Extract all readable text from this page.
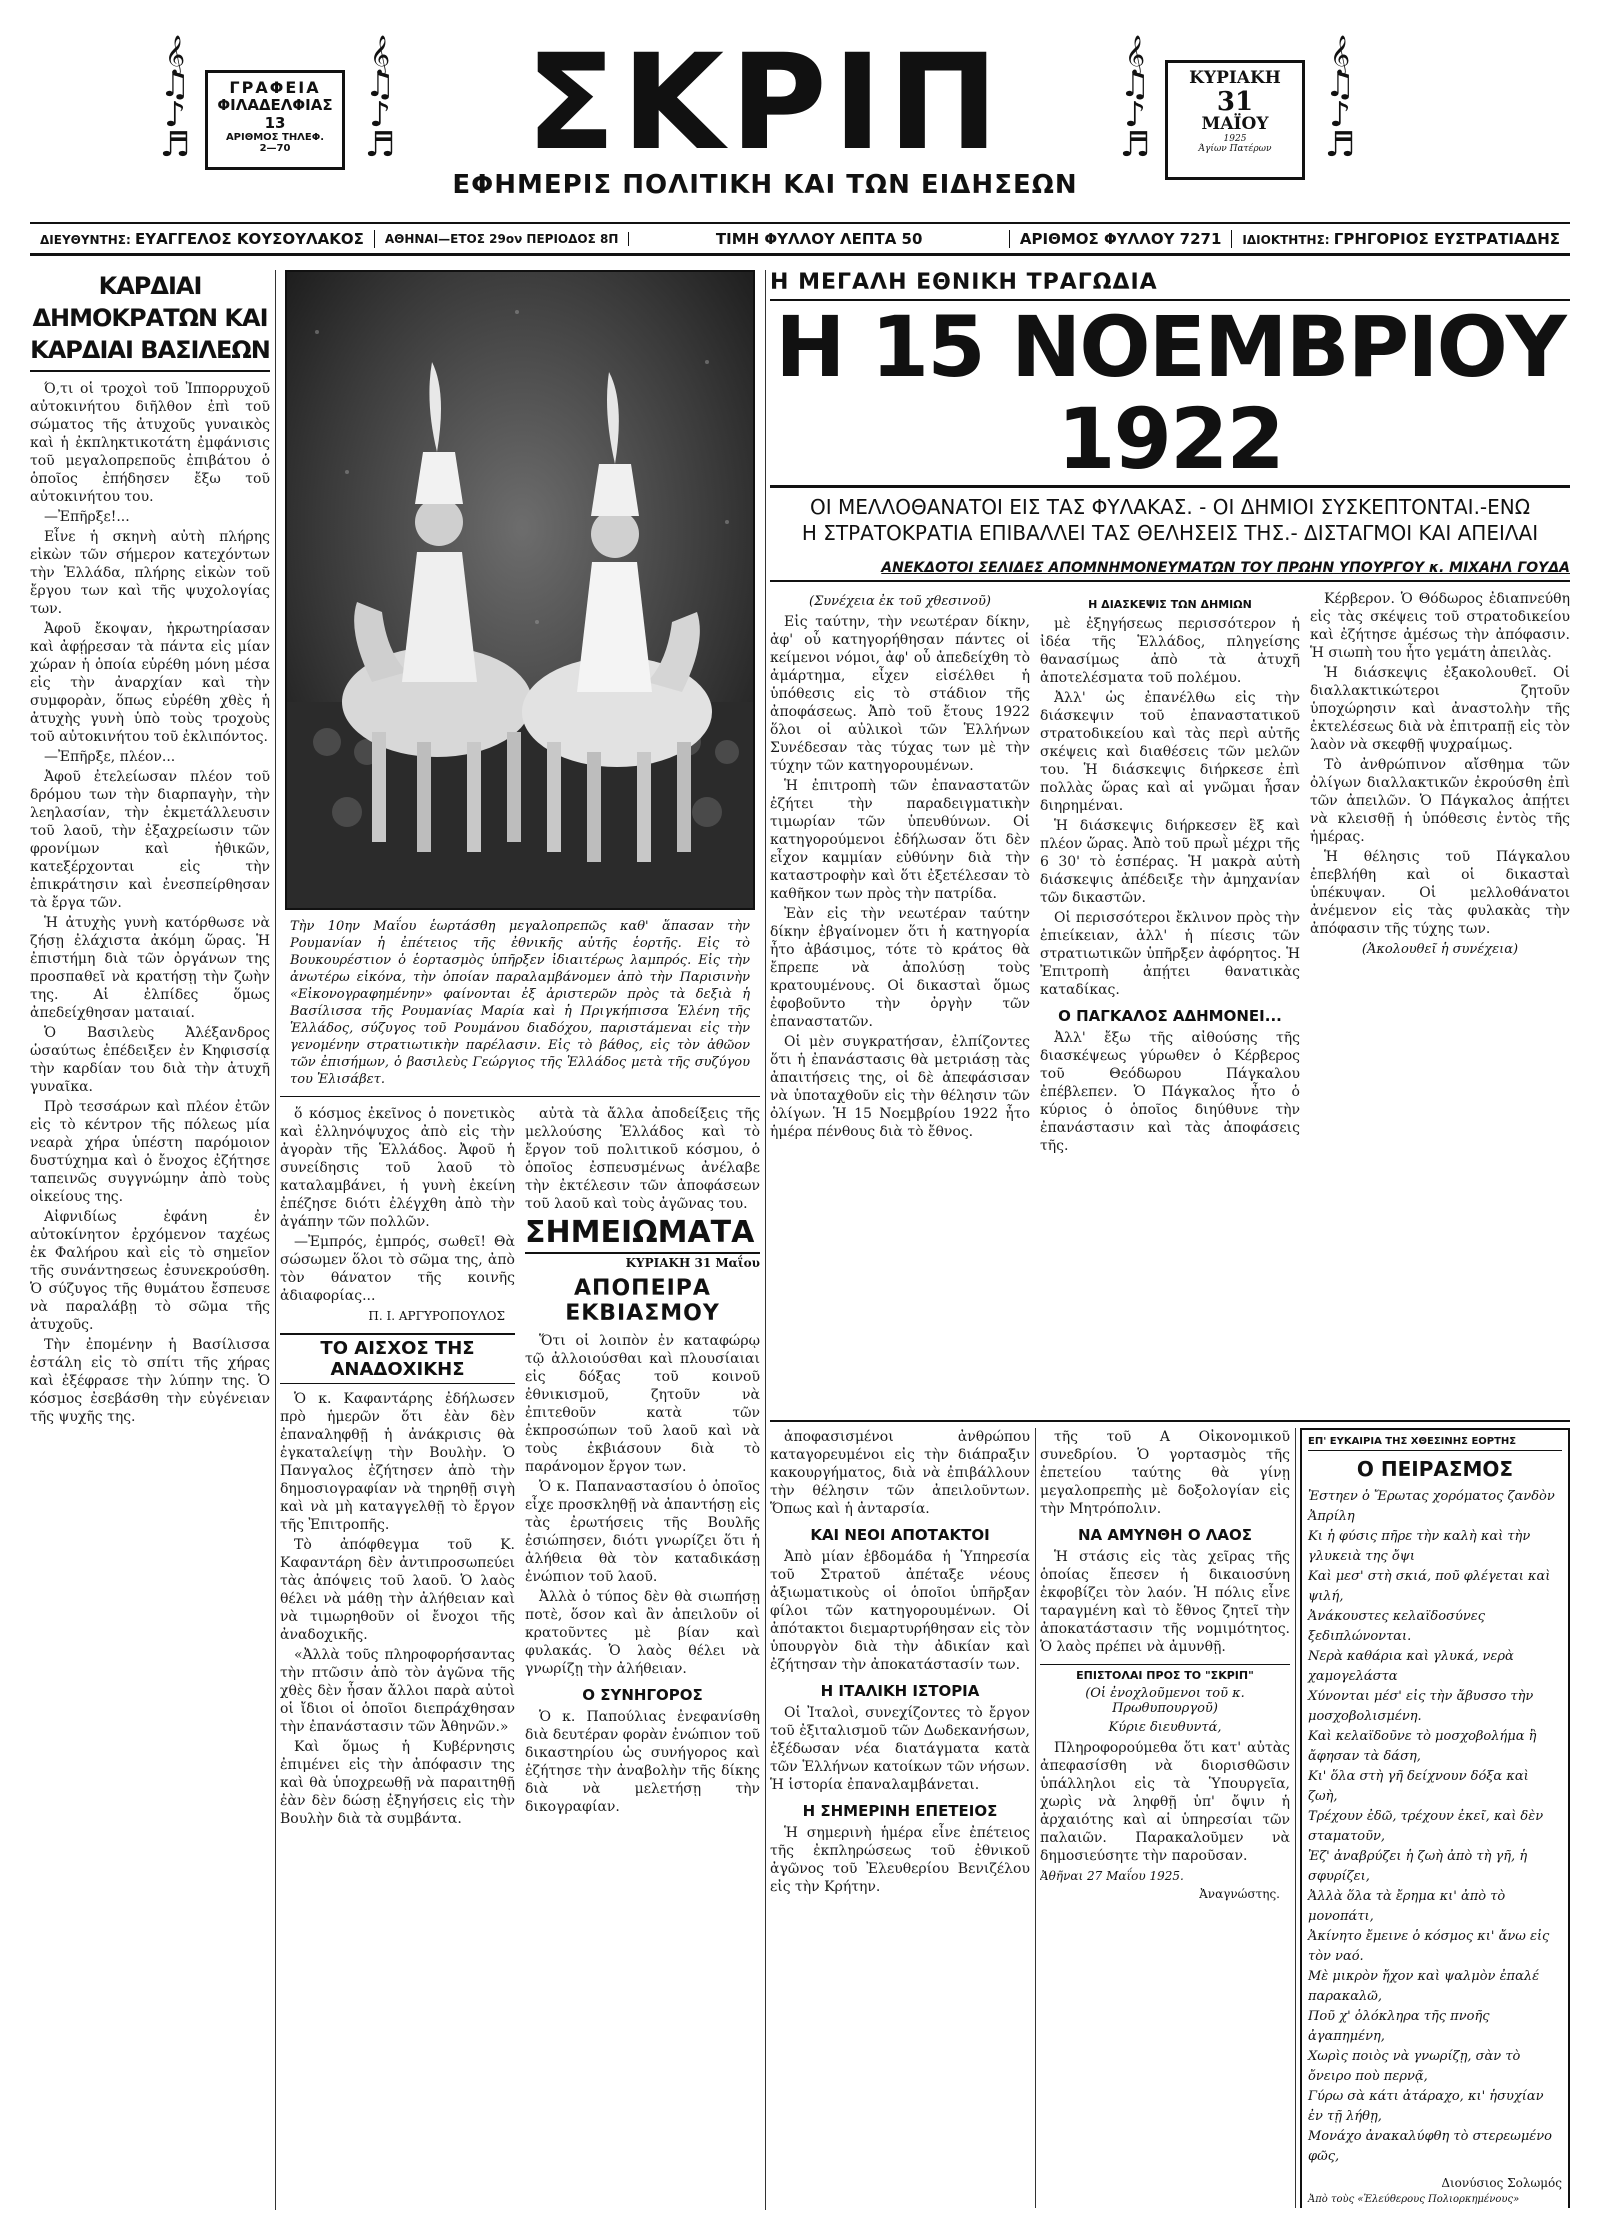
𝄞
♫
♪
♬
ΓΡΑΦΕΙΑ
ΦΙΛΑΔΕΛΦΙΑΣ 13
ΑΡΙΘΜΟΣ ΤΗΛΕΦ.
2—70
𝄞
♫
♪
♬ ΣΚΡΙΠ
ΕΦΗΜΕΡΙΣ ΠΟΛΙΤΙΚΗ ΚΑΙ ΤΩΝ ΕΙΔΗΣΕΩΝ
𝄞
♫
♪
♬
ΚΥΡΙΑΚΗ
31
ΜΑΪΟΥ
1925
Άγίων Πατέρων
𝄞
♫
♪
♬
ΔΙΕΥΘΥΝΤΗΣ: ΕΥΑΓΓΕΛΟΣ ΚΟΥΣΟΥΛΑΚΟΣ	ΑΘΗΝΑΙ—ΕΤΟΣ 29ον ΠΕΡΙΟΔΟΣ 8Π	ΤΙΜΗ ΦΥΛΛΟΥ ΛΕΠΤΑ 50	ΑΡΙΘΜΟΣ ΦΥΛΛΟΥ 7271	ΙΔΙΟΚΤΗΤΗΣ: ΓΡΗΓΟΡΙΟΣ ΕΥΣΤΡΑΤΙΑΔΗΣ
ΚΑΡΔΙΑΙ ΔΗΜΟΚΡΑΤΩΝ ΚΑΙ ΚΑΡΔΙΑΙ ΒΑΣΙΛΕΩΝ

Ό,τι οἱ τροχοὶ τοῦ Ἰππορρυχοῦ αὐτοκινήτου διῆλθον ἐπὶ τοῦ σώματος τῆς ἀτυχοῦς γυναικὸς καὶ ἡ ἐκπληκτικοτάτη ἐμφάνισις τοῦ μεγαλοπρεποῦς ἐπιβάτου ὁ ὁποῖος ἐπήδησεν ἔξω τοῦ αὐτοκινήτου του.

—Ἐπῆρξε!...

Εἶνε ἡ σκηνὴ αὐτὴ πλήρης εἰκὼν τῶν σήμερον κατεχόντων τὴν Ἑλλάδα, πλήρης εἰκὼν τοῦ ἔργου των καὶ τῆς ψυχολογίας των.

Ἀφοῦ ἔκοψαν, ἠκρωτηρίασαν καὶ ἀφῄρεσαν τὰ πάντα εἰς μίαν χώραν ἡ ὁποία εὑρέθη μόνη μέσα εἰς τὴν ἀναρχίαν καὶ τὴν συμφορὰν, ὅπως εὑρέθη χθὲς ἡ ἀτυχὴς γυνὴ ὑπὸ τοὺς τροχοὺς τοῦ αὐτοκινήτου τοῦ ἐκλιπόντος.

—Ἐπῆρξε, πλέον...

Ἀφοῦ ἐτελείωσαν πλέον τοῦ δρόμου των τὴν διαρπαγὴν, τὴν λεηλασίαν, τὴν ἐκμετάλλευσιν τοῦ λαοῦ, τὴν ἐξαχρείωσιν τῶν φρονίμων καὶ ἠθικῶν, κατεξέρχονται εἰς τὴν ἐπικράτησιν καὶ ἐνεσπείρθησαν τὰ ἔργα τῶν.

Ἡ ἀτυχὴς γυνὴ κατόρθωσε νὰ ζήσῃ ἐλάχιστα ἀκόμη ὥρας. Ἡ ἐπιστήμη διὰ τῶν ὀργάνων της προσπαθεῖ νὰ κρατήσῃ τὴν ζωὴν της. Αἱ ἐλπίδες ὅμως ἀπεδείχθησαν ματαιαί.

Ὁ Βασιλεὺς Ἀλέξανδρος ὡσαύτως ἐπέδειξεν ἐν Κηφισσίᾳ τὴν καρδίαν του διὰ τὴν ἀτυχῆ γυναῖκα.

Πρὸ τεσσάρων καὶ πλέον ἐτῶν εἰς τὸ κέντρον τῆς πόλεως μία νεαρὰ χήρα ὑπέστη παρόμοιον δυστύχημα καὶ ὁ ἔνοχος ἐζήτησε ταπεινῶς συγγνώμην ἀπὸ τοὺς οἰκείους της.

Αἰφνιδίως ἐφάνη ἐν αὐτοκίνητον ἐρχόμενον ταχέως ἐκ Φαλήρου καὶ εἰς τὸ σημεῖον τῆς συνάντησεως ἐσυνεκρούσθη. Ὁ σύζυγος τῆς θυμάτου ἔσπευσε νὰ παραλάβῃ τὸ σῶμα τῆς ἀτυχοῦς.

Τὴν ἐπομένην ἡ Βασίλισσα ἐστάλη εἰς τὸ σπίτι τῆς χήρας καὶ ἐξέφρασε τὴν λύπην της. Ὁ κόσμος ἐσεβάσθη τὴν εὐγένειαν τῆς ψυχῆς της.

Τὴν 10ην Μαΐου ἑωρτάσθη μεγαλοπρεπῶς καθ' ἅπασαν τὴν Ρουμανίαν ἡ ἐπέτειος τῆς ἐθνικῆς αὐτῆς ἑορτῆς. Εἰς τὸ Βουκουρέστιον ὁ ἑορτασμὸς ὑπῆρξεν ἰδιαιτέρως λαμπρός. Εἰς τὴν ἀνωτέρω εἰκόνα, τὴν ὁποίαν παραλαμβάνομεν ἀπὸ τὴν Παρισινὴν «Εἰκονογραφημένην» φαίνονται ἐξ ἀριστερῶν πρὸς τὰ δεξιὰ ἡ Βασίλισσα τῆς Ρουμανίας Μαρία καὶ ἡ Πριγκήπισσα Ἑλένη τῆς Ἑλλάδος, σύζυγος τοῦ Ρουμάνου διαδόχου, παριστάμεναι εἰς τὴν γενομένην στρατιωτικὴν παρέλασιν. Εἰς τὸ βάθος, εἰς τὸν ἀθῶον τῶν ἐπισήμων, ὁ βασιλεὺς Γεώργιος τῆς Ἑλλάδος μετὰ τῆς συζύγου του Ἐλισάβετ.

ὅ κόσμος ἐκεῖνος ὁ πονετικὸς καὶ ἐλληνόψυχος ἀπὸ εἰς τὴν ἀγορὰν τῆς Ἑλλάδος. Ἀφοῦ ἡ συνείδησις τοῦ λαοῦ τὸ καταλαμβάνει, ἡ γυνὴ ἐκείνη ἐπέζησε διότι ἐλέγχθη ἀπὸ τὴν ἀγάπην τῶν πολλῶν.

—Ἐμπρός, ἐμπρός, σωθεῖ! Θὰ σώσωμεν ὅλοι τὸ σῶμα της, ἀπὸ τὸν θάνατον τῆς κοινῆς ἀδιαφορίας...

Π. Ι. ΑΡΓΥΡΟΠΟΥΛΟΣ
ΤΟ ΑΙΣΧΟΣ ΤΗΣ ΑΝΑΔΟΧΙΚΗΣ

Ὁ κ. Καφαντάρης ἐδήλωσεν πρὸ ἡμερῶν ὅτι ἐὰν δὲν ἐπαναληφθῇ ἡ ἀνάκρισις θὰ ἐγκαταλείψῃ τὴν Βουλὴν. Ὁ Πανγαλος ἐζήτησεν ἀπὸ τὴν δημοσιογραφίαν νὰ τηρηθῇ σιγὴ καὶ νὰ μὴ καταγγελθῇ τὸ ἔργον τῆς Ἐπιτροπῆς.

Τὸ ἀπόφθεγμα τοῦ Κ. Καφαντάρη δὲν ἀντιπροσωπεύει τὰς ἀπόψεις τοῦ λαοῦ. Ὁ λαὸς θέλει νὰ μάθῃ τὴν ἀλήθειαν καὶ νὰ τιμωρηθοῦν οἱ ἔνοχοι τῆς ἀναδοχικῆς.

«Ἀλλὰ τοῦς πληροφορήσαντας τὴν πτῶσιν ἀπὸ τὸν ἀγῶνα τῆς χθὲς δὲν ἦσαν ἄλλοι παρὰ αὐτοὶ οἱ ἴδιοι οἱ ὁποῖοι διεπράχθησαν τὴν ἐπανάστασιν τῶν Ἀθηνῶν.»

Καὶ ὅμως ἡ Κυβέρνησις ἐπιμένει εἰς τὴν ἀπόφασιν της καὶ θὰ ὑποχρεωθῇ νὰ παραιτηθῇ ἐὰν δὲν δώσῃ ἐξηγήσεις εἰς τὴν Βουλὴν διὰ τὰ συμβάντα.

αὐτὰ τὰ ἄλλα ἀποδείξεις τῆς μελλούσης Ἑλλάδος καὶ τὸ ἔργον τοῦ πολιτικοῦ κόσμου, ὁ ὁποῖος ἐσπευσμένως ἀνέλαβε τὴν ἐκτέλεσιν τῶν ἀποφάσεων τοῦ λαοῦ καὶ τοὺς ἀγῶνας του.

ΣΗΜΕΙΩΜΑΤΑ
ΚΥΡΙΑΚΗ 31 Μαΐου
ΑΠΟΠΕΙΡΑ ΕΚΒΙΑΣΜΟΥ

Ὅτι οἱ λοιπὸν ἐν καταφώρῳ τῷ ἀλλοιούσθαι καὶ πλουσίαιαι εἰς δόξας τοῦ κοινοῦ ἐθνικισμοῦ, ζητοῦν νὰ ἐπιτεθοῦν κατὰ τῶν ἐκπροσώπων τοῦ λαοῦ καὶ νὰ τοὺς ἐκβιάσουν διὰ τὸ παράνομον ἔργον των.

Ὁ κ. Παπαναστασίου ὁ ὁποῖος εἶχε προσκληθῇ νὰ ἀπαντήσῃ εἰς τὰς ἐρωτήσεις τῆς Βουλῆς ἐσιώπησεν, διότι γνωρίζει ὅτι ἡ ἀλήθεια θὰ τὸν καταδικάσῃ ἐνώπιον τοῦ λαοῦ.

Ἀλλὰ ὁ τύπος δὲν θὰ σιωπήσῃ ποτὲ, ὅσον καὶ ἂν ἀπειλοῦν οἱ κρατοῦντες μὲ βίαν καὶ φυλακάς. Ὁ λαὸς θέλει νὰ γνωρίζῃ τὴν ἀλήθειαν.

Ο ΣΥΝΗΓΟΡΟΣ

Ὁ κ. Παπούλιας ἐνεφανίσθη διὰ δευτέραν φορὰν ἐνώπιον τοῦ δικαστηρίου ὡς συνήγορος καὶ ἐζήτησε τὴν ἀναβολὴν τῆς δίκης διὰ νὰ μελετήσῃ τὴν δικογραφίαν.

Η ΜΕΓΑΛΗ ΕΘΝΙΚΗ ΤΡΑΓΩΔΙΑ
Η 15 ΝΟΕΜΒΡΙΟΥ 1922
ΟΙ ΜΕΛΛΟΘΑΝΑΤΟΙ ΕΙΣ ΤΑΣ ΦΥΛΑΚΑΣ. - ΟΙ ΔΗΜΙΟΙ ΣΥΣΚΕΠΤΟΝΤΑΙ.-ΕΝΩ Η ΣΤΡΑΤΟΚΡΑΤΙΑ ΕΠΙΒΑΛΛΕΙ ΤΑΣ ΘΕΛΗΣΕΙΣ ΤΗΣ.- ΔΙΣΤΑΓΜΟΙ ΚΑΙ ΑΠΕΙΛΑΙ
ΑΝΕΚΔΟΤΟΙ ΣΕΛΙΔΕΣ ΑΠΟΜΝΗΜΟΝΕΥΜΑΤΩΝ ΤΟΥ ΠΡΩΗΝ ΥΠΟΥΡΓΟΥ κ. ΜΙΧΑΗΛ ΓΟΥΔΑ
(Συνέχεια ἐκ τοῦ χθεσινοῦ)

Εἰς ταύτην, τὴν νεωτέραν δίκην, ἀφ' οὗ κατηγορήθησαν πάντες οἱ κείμενοι νόμοι, ἀφ' οὗ ἀπεδείχθη τὸ ἀμάρτημα, εἶχεν εἰσέλθει ἡ ὑπόθεσις εἰς τὸ στάδιον τῆς ἀποφάσεως. Ἀπὸ τοῦ ἔτους 1922 ὅλοι οἱ αὐλικοὶ τῶν Ἑλλήνων Συνέδεσαν τὰς τύχας των μὲ τὴν τύχην τῶν κατηγορουμένων.

Ἡ ἐπιτροπὴ τῶν ἐπαναστατῶν ἐζήτει τὴν παραδειγματικὴν τιμωρίαν τῶν ὑπευθύνων. Οἱ κατηγορούμενοι ἐδήλωσαν ὅτι δὲν εἶχον καμμίαν εὐθύνην διὰ τὴν καταστροφὴν καὶ ὅτι ἐξετέλεσαν τὸ καθῆκον των πρὸς τὴν πατρίδα.

Ἐὰν εἰς τὴν νεωτέραν ταύτην δίκην ἐβγαίνομεν ὅτι ἡ κατηγορία ἦτο ἀβάσιμος, τότε τὸ κράτος θὰ ἔπρεπε νὰ ἀπολύσῃ τοὺς κρατουμένους. Οἱ δικασταὶ ὅμως ἐφοβοῦντο τὴν ὀργὴν τῶν ἐπαναστατῶν.

Οἱ μὲν συγκρατήσαν, ἐλπίζοντες ὅτι ἡ ἐπανάστασις θὰ μετριάσῃ τὰς ἀπαιτήσεις της, οἱ δὲ ἀπεφάσισαν νὰ ὑποταχθοῦν εἰς τὴν θέλησιν τῶν ὀλίγων. Ἡ 15 Νοεμβρίου 1922 ἦτο ἡμέρα πένθους διὰ τὸ ἔθνος.

Η ΔΙΑΣΚΕΨΙΣ ΤΩΝ ΔΗΜΙΩΝ

μὲ ἐξηγήσεως περισσότερον ἡ ἰδέα τῆς Ἑλλάδος, πληγείσης θανασίμως ἀπὸ τὰ ἀτυχῆ ἀποτελέσματα τοῦ πολέμου.

Ἀλλ' ὡς ἐπανέλθω εἰς τὴν διάσκεψιν τοῦ ἐπαναστατικοῦ στρατοδικείου καὶ τὰς περὶ αὐτῆς σκέψεις καὶ διαθέσεις τῶν μελῶν του. Ἡ διάσκεψις διήρκεσε ἐπὶ πολλὰς ὥρας καὶ αἱ γνῶμαι ἦσαν διηρημέναι.

Ἡ διάσκεψις διήρκεσεν ἓξ καὶ πλέον ὥρας. Ἀπὸ τοῦ πρωῒ μέχρι τῆς 6 30' τὸ ἑσπέρας. Ἡ μακρὰ αὐτὴ διάσκεψις ἀπέδειξε τὴν ἀμηχανίαν τῶν δικαστῶν.

Οἱ περισσότεροι ἔκλινον πρὸς τὴν ἐπιείκειαν, ἀλλ' ἡ πίεσις τῶν στρατιωτικῶν ὑπῆρξεν ἀφόρητος. Ἡ Ἐπιτροπὴ ἀπῄτει θανατικὰς καταδίκας.

Ο ΠΑΓΚΑΛΟΣ ΑΔΗΜΟΝΕΙ...

Ἀλλ' ἔξω τῆς αἰθούσης τῆς διασκέψεως γύρωθεν ὁ Κέρβερος τοῦ Θεόδωρου Πάγκαλου ἐπέβλεπεν. Ὁ Πάγκαλος ἦτο ὁ κύριος ὁ ὁποῖος διηύθυνε τὴν ἐπανάστασιν καὶ τὰς ἀποφάσεις τῆς.

Κέρβερον. Ὁ Θόδωρος ἐδιαπνεύθη εἰς τὰς σκέψεις τοῦ στρατοδικείου καὶ ἐζήτησε ἀμέσως τὴν ἀπόφασιν. Ἡ σιωπὴ του ἦτο γεμάτη ἀπειλὰς.

Ἡ διάσκεψις ἐξακολουθεῖ. Οἱ διαλλακτικώτεροι ζητοῦν ὑποχώρησιν καὶ ἀναστολὴν τῆς ἐκτελέσεως διὰ νὰ ἐπιτραπῇ εἰς τὸν λαὸν νὰ σκεφθῇ ψυχραίμως.

Τὸ ἀνθρώπινον αἴσθημα τῶν ὀλίγων διαλλακτικῶν ἐκρούσθη ἐπὶ τῶν ἀπειλῶν. Ὁ Πάγκαλος ἀπῄτει νὰ κλεισθῇ ἡ ὑπόθεσις ἐντὸς τῆς ἡμέρας.

Ἡ θέλησις τοῦ Πάγκαλου ἐπεβλήθη καὶ οἱ δικασταὶ ὑπέκυψαν. Οἱ μελλοθάνατοι ἀνέμενον εἰς τὰς φυλακὰς τὴν ἀπόφασιν τῆς τύχης των.

(Ἀκολουθεῖ ἡ συνέχεια)

ἀποφασισμένοι ἀνθρώπου καταγορευμένοι εἰς τὴν διάπραξιν κακουργήματος, διὰ νὰ ἐπιβάλλουν τὴν θέλησιν τῶν ἀπειλοῦντων. Ὅπως καὶ ἡ ἀνταρσία.

ΚΑΙ ΝΕΟΙ ΑΠΟΤΑΚΤΟΙ

Ἀπὸ μίαν ἑβδομάδα ἡ Ὑπηρεσία τοῦ Στρατοῦ ἀπέταξε νέους ἀξιωματικοὺς οἱ ὁποῖοι ὑπῆρξαν φίλοι τῶν κατηγορουμένων. Οἱ ἀπότακτοι διεμαρτυρήθησαν εἰς τὸν ὑπουργὸν διὰ τὴν ἀδικίαν καὶ ἐζήτησαν τὴν ἀποκατάστασίν των.

Η ΙΤΑΛΙΚΗ ΙΣΤΟΡΙΑ

Οἱ Ἰταλοὶ, συνεχίζοντες τὸ ἔργον τοῦ ἐξιταλισμοῦ τῶν Δωδεκανήσων, ἐξέδωσαν νέα διατάγματα κατὰ τῶν Ἑλλήνων κατοίκων τῶν νήσων. Ἡ ἱστορία ἐπαναλαμβάνεται.

Η ΣΗΜΕΡΙΝΗ ΕΠΕΤΕΙΟΣ

Ἡ σημερινὴ ἡμέρα εἶνε ἐπέτειος τῆς ἐκπληρώσεως τοῦ ἐθνικοῦ ἀγῶνος τοῦ Ἐλευθερίου Βενιζέλου εἰς τὴν Κρήτην.

τῆς τοῦ Α Οἰκονομικοῦ συνεδρίου. Ὁ γορτασμὸς τῆς ἐπετείου ταύτης θὰ γίνῃ μεγαλοπρεπὴς μὲ δοξολογίαν εἰς τὴν Μητρόπολιν.

ΝΑ ΑΜΥΝΘΗ Ο ΛΑΟΣ

Ἡ στάσις εἰς τὰς χεῖρας τῆς ὁποίας ἔπεσεν ἡ δικαιοσύνη ἐκφοβίζει τὸν λαόν. Ἡ πόλις εἶνε ταραγμένη καὶ τὸ ἔθνος ζητεῖ τὴν ἀποκατάστασιν τῆς νομιμότητος. Ὁ λαὸς πρέπει νὰ ἀμυνθῇ.

ΕΠΙΣΤΟΛΑΙ ΠΡΟΣ ΤΟ "ΣΚΡΙΠ"
(Οἱ ἐνοχλοῦμενοι τοῦ κ. Πρωθυπουργοῦ)
Κύριε διευθυντά,

Πληροφορούμεθα ὅτι κατ' αὐτὰς ἀπεφασίσθη νὰ διορισθῶσιν ὑπάλληλοι εἰς τὰ Ὑπουργεῖα, χωρὶς νὰ ληφθῇ ὑπ' ὄψιν ἡ ἀρχαιότης καὶ αἱ ὑπηρεσίαι τῶν παλαιῶν. Παρακαλοῦμεν νὰ δημοσιεύσητε τὴν παροῦσαν.

Ἀθῆναι 27 Μαΐου 1925.
Ἀναγνώστης.
ΕΠ' ΕΥΚΑΙΡΙΑ ΤΗΣ ΧΘΕΣΙΝΗΣ ΕΟΡΤΗΣ
Ο ΠΕΙΡΑΣΜΟΣ
Ἐστηεν ὁ Ἔρωτας χορόματος ζανδὸν Ἀπρίλη
Κι ἡ φύσις πῆρε τὴν καλὴ καὶ τὴν γλυκειὰ της ὄψι
Καὶ μεσ' στὴ σκιά, ποῦ φλέγεται καὶ ψιλή,
Ἀνάκουστες κελαϊδοσύνες ξεδιπλώνονται.
Νερὰ καθάρια καὶ γλυκά, νερὰ χαμογελάστα
Χύνονται μέσ' εἰς τὴν ἄβυσσο τὴν μοσχοβολισμένη.
Καὶ κελαϊδοῦνε τὸ μοσχοβολήμα ἢ ἄφησαν τὰ δάση,
Κι' ὅλα στὴ γῆ δείχνουν δόξα καὶ ζωὴ,
Τρέχουν ἐδῶ, τρέχουν ἐκεῖ, καὶ δὲν σταματοῦν,
Ἐζ' ἀναβρύζει ἡ ζωὴ ἀπὸ τὴ γῆ, ἡ σφυρίζει,
Ἀλλὰ ὅλα τὰ ἔρημα κι' ἀπὸ τὸ μονοπάτι,
Ἀκίνητο ἔμεινε ὁ κόσμος κι' ἄνω εἰς τὸν ναό.
Μὲ μικρὸν ἤχον καὶ ψαλμὸν ἐπαλέ παρακαλῶ,
Ποῦ χ' ὁλόκληρα τῆς πνοῆς ἀγαπημένη,
Χωρὶς ποιὸς νὰ γνωρίζῃ, σὰν τὸ ὄνειρο ποὺ περνᾷ,
Γύρω σὰ κάτι ἀτάραχο, κι' ἡσυχίαν ἐν τῇ λήθῃ,
Μονάχο ἀνακαλύφθη τὸ στερεωμένο φῶς,
Διονύσιος Σολωμός
Ἀπὸ τοὺς «Ἐλεύθερους Πολιορκημένους»
